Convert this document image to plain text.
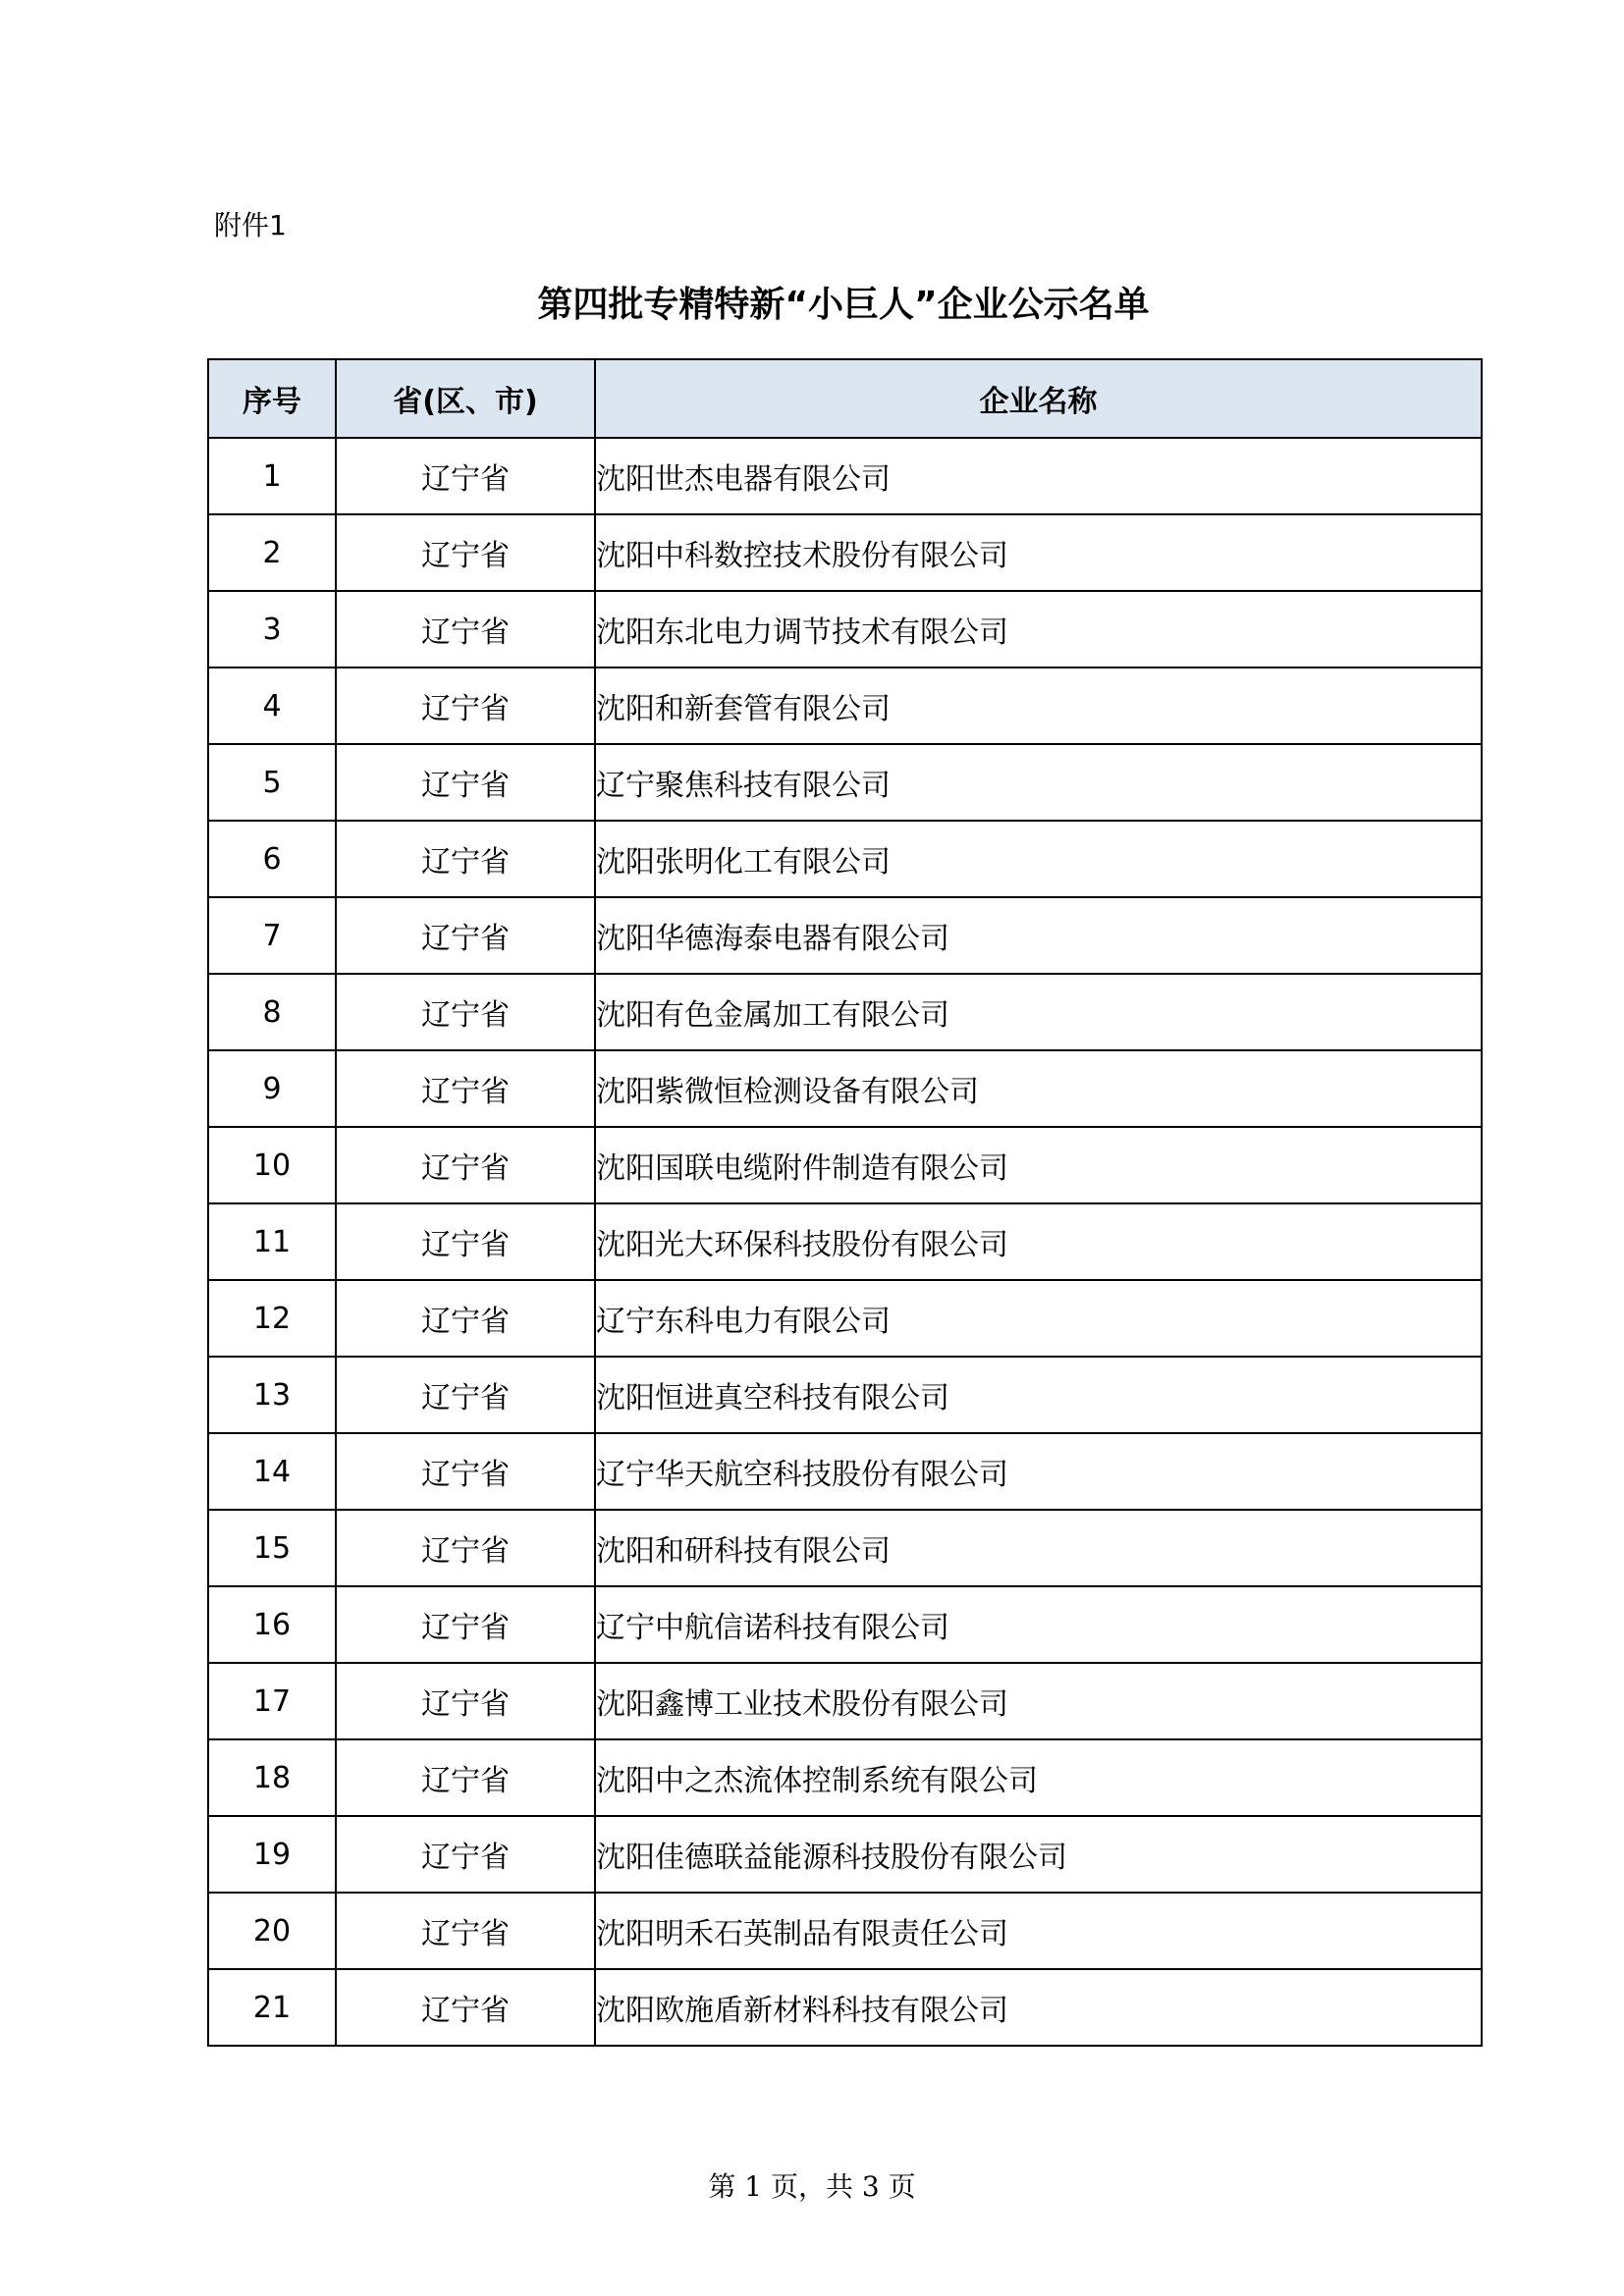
附件1
第四批专精特新“小巨人”企业公示名单
序号	省(区、市)	企业名称
1	辽宁省	沈阳世杰电器有限公司
2	辽宁省	沈阳中科数控技术股份有限公司
3	辽宁省	沈阳东北电力调节技术有限公司
4	辽宁省	沈阳和新套管有限公司
5	辽宁省	辽宁聚焦科技有限公司
6	辽宁省	沈阳张明化工有限公司
7	辽宁省	沈阳华德海泰电器有限公司
8	辽宁省	沈阳有色金属加工有限公司
9	辽宁省	沈阳紫微恒检测设备有限公司
10	辽宁省	沈阳国联电缆附件制造有限公司
11	辽宁省	沈阳光大环保科技股份有限公司
12	辽宁省	辽宁东科电力有限公司
13	辽宁省	沈阳恒进真空科技有限公司
14	辽宁省	辽宁华天航空科技股份有限公司
15	辽宁省	沈阳和研科技有限公司
16	辽宁省	辽宁中航信诺科技有限公司
17	辽宁省	沈阳鑫博工业技术股份有限公司
18	辽宁省	沈阳中之杰流体控制系统有限公司
19	辽宁省	沈阳佳德联益能源科技股份有限公司
20	辽宁省	沈阳明禾石英制品有限责任公司
21	辽宁省	沈阳欧施盾新材料科技有限公司
第 1 页，共 3 页
